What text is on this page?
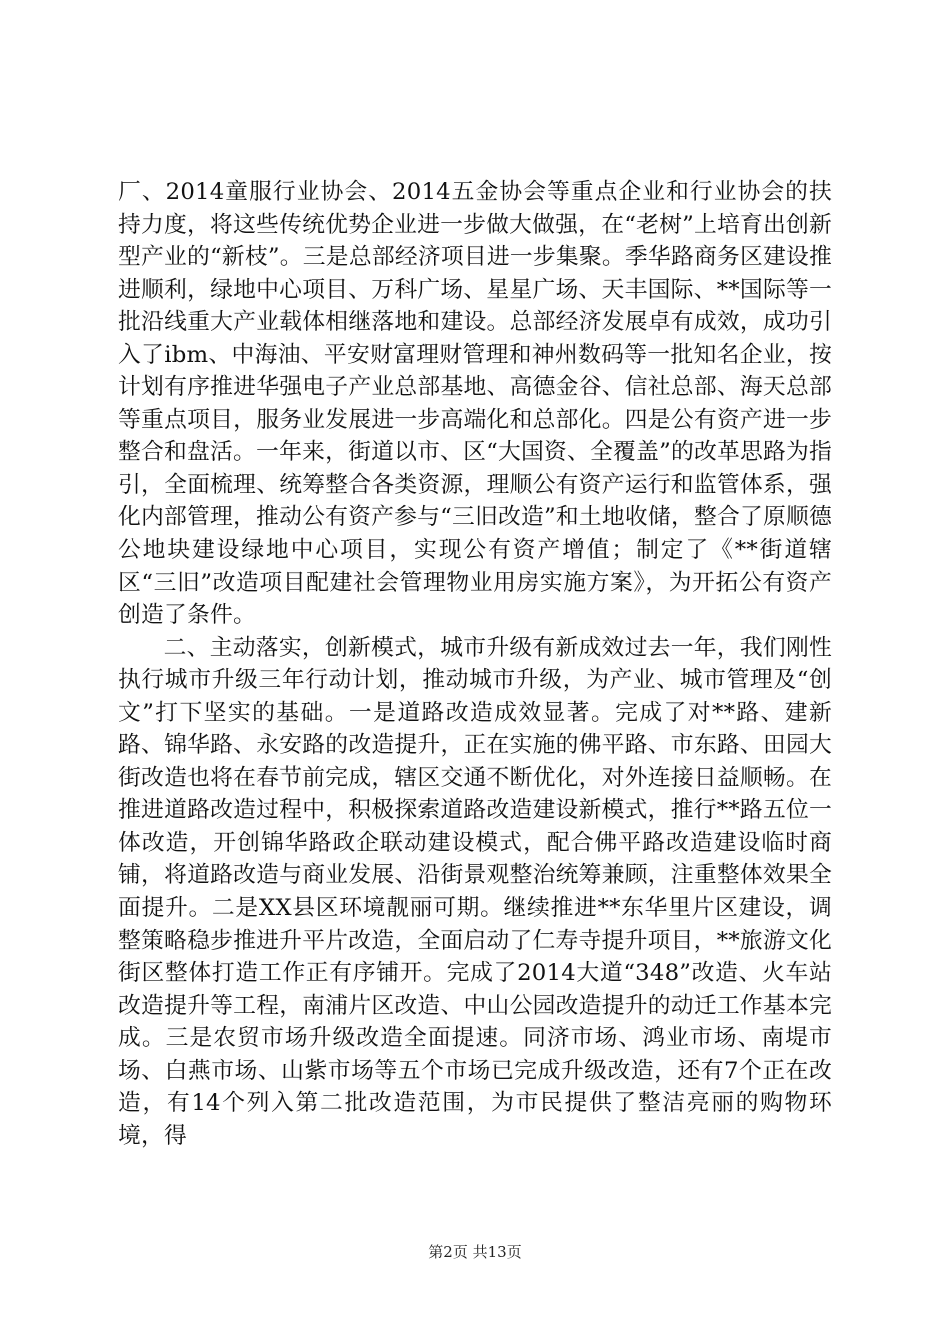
厂、2014童服行业协会、2014五金协会等重点企业和行业协会的扶持力度，将这些传统优势企业进一步做大做强，在“老树”上培育出创新型产业的“新枝”。三是总部经济项目进一步集聚。季华路商务区建设推进顺利，绿地中心项目、万科广场、星星广场、天丰国际、**国际等一批沿线重大产业载体相继落地和建设。总部经济发展卓有成效，成功引入了ibm、中海油、平安财富理财管理和神州数码等一批知名企业，按计划有序推进华强电子产业总部基地、高德金谷、信社总部、海天总部等重点项目，服务业发展进一步高端化和总部化。四是公有资产进一步整合和盘活。一年来，街道以市、区“大国资、全覆盖”的改革思路为指引，全面梳理、统筹整合各类资源，理顺公有资产运行和监管体系，强化内部管理，推动公有资产参与“三旧改造”和土地收储，整合了原顺德公地块建设绿地中心项目，实现公有资产增值；制定了《**街道辖区“三旧”改造项目配建社会管理物业用房实施方案》，为开拓公有资产创造了条件。

二、主动落实，创新模式，城市升级有新成效过去一年，我们刚性执行城市升级三年行动计划，推动城市升级，为产业、城市管理及“创文”打下坚实的基础。一是道路改造成效显著。完成了对**路、建新路、锦华路、永安路的改造提升，正在实施的佛平路、市东路、田园大街改造也将在春节前完成，辖区交通不断优化，对外连接日益顺畅。在推进道路改造过程中，积极探索道路改造建设新模式，推行**路五位一体改造，开创锦华路政企联动建设模式，配合佛平路改造建设临时商铺，将道路改造与商业发展、沿街景观整治统筹兼顾，注重整体效果全面提升。二是XX县区环境靓丽可期。继续推进**东华里片区建设，调整策略稳步推进升平片改造，全面启动了仁寿寺提升项目，**旅游文化街区整体打造工作正有序铺开。完成了2014大道“348”改造、火车站改造提升等工程，南浦片区改造、中山公园改造提升的动迁工作基本完成。三是农贸市场升级改造全面提速。同济市场、鸿业市场、南堤市场、白燕市场、山紫市场等五个市场已完成升级改造，还有7个正在改造，有14个列入第二批改造范围，为市民提供了整洁亮丽的购物环境，得

第2页 共13页
